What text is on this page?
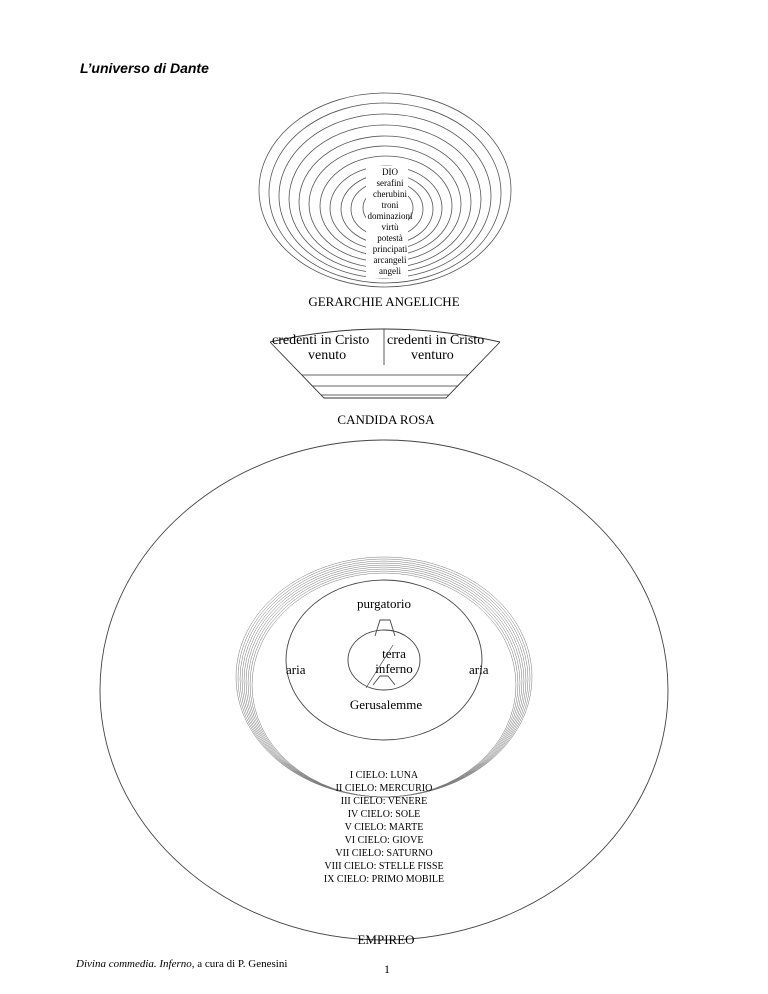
L’universo di Dante
DIO
serafini
cherubini
troni
dominazioni
virtù
potestà
principati
arcangeli
angeli
GERARCHIE ANGELICHE
credenti in Cristo
venuto
credenti in Cristo
venturo
CANDIDA ROSA
purgatorio
terra
inferno
aria	aria
Gerusalemme
I CIELO: LUNA
II CIELO: MERCURIO
III CIELO: VENERE
IV CIELO: SOLE
V CIELO: MARTE
VI CIELO: GIOVE
VII CIELO: SATURNO
VIII CIELO: STELLE FISSE
IX CIELO: PRIMO MOBILE
EMPIREO
Divina commedia. Inferno, a cura di P. Genesini	1
